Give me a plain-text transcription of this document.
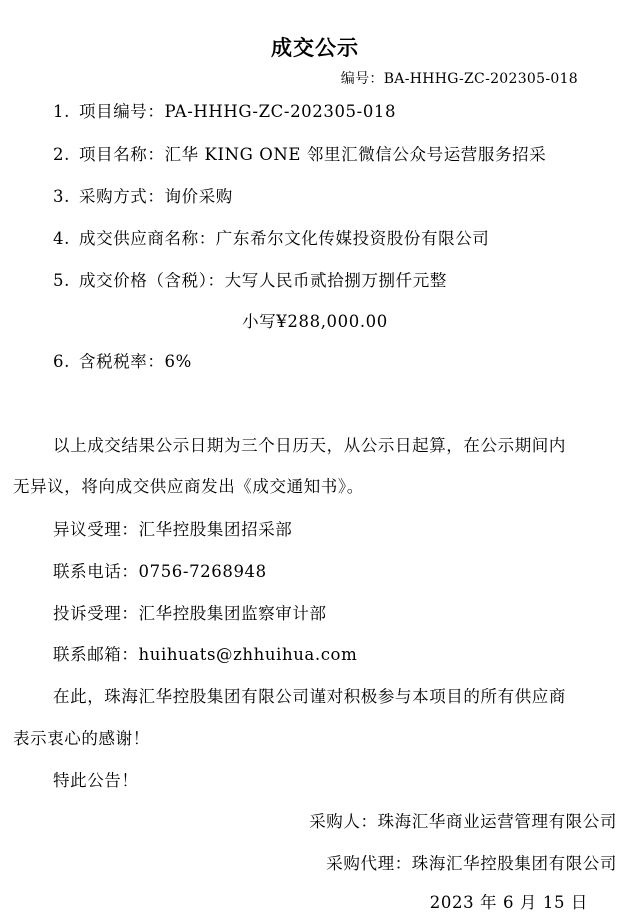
成交公示
编号：BA-HHHG-ZC-202305-018
1. 项目编号：PA-HHHG-ZC-202305-018
2. 项目名称：汇华 KING ONE 邻里汇微信公众号运营服务招采
3. 采购方式：询价采购
4. 成交供应商名称：广东希尔文化传媒投资股份有限公司
5. 成交价格（含税）：大写人民币贰拾捌万捌仟元整
小写¥288,000.00
6. 含税税率：6%
以上成交结果公示日期为三个日历天，从公示日起算，在公示期间内
无异议，将向成交供应商发出《成交通知书》。
异议受理：汇华控股集团招采部
联系电话：0756-7268948
投诉受理：汇华控股集团监察审计部
联系邮箱：huihuats@zhhuihua.com
在此，珠海汇华控股集团有限公司谨对积极参与本项目的所有供应商
表示衷心的感谢！
特此公告！
采购人：珠海汇华商业运营管理有限公司
采购代理：珠海汇华控股集团有限公司
2023 年 6 月 15 日
